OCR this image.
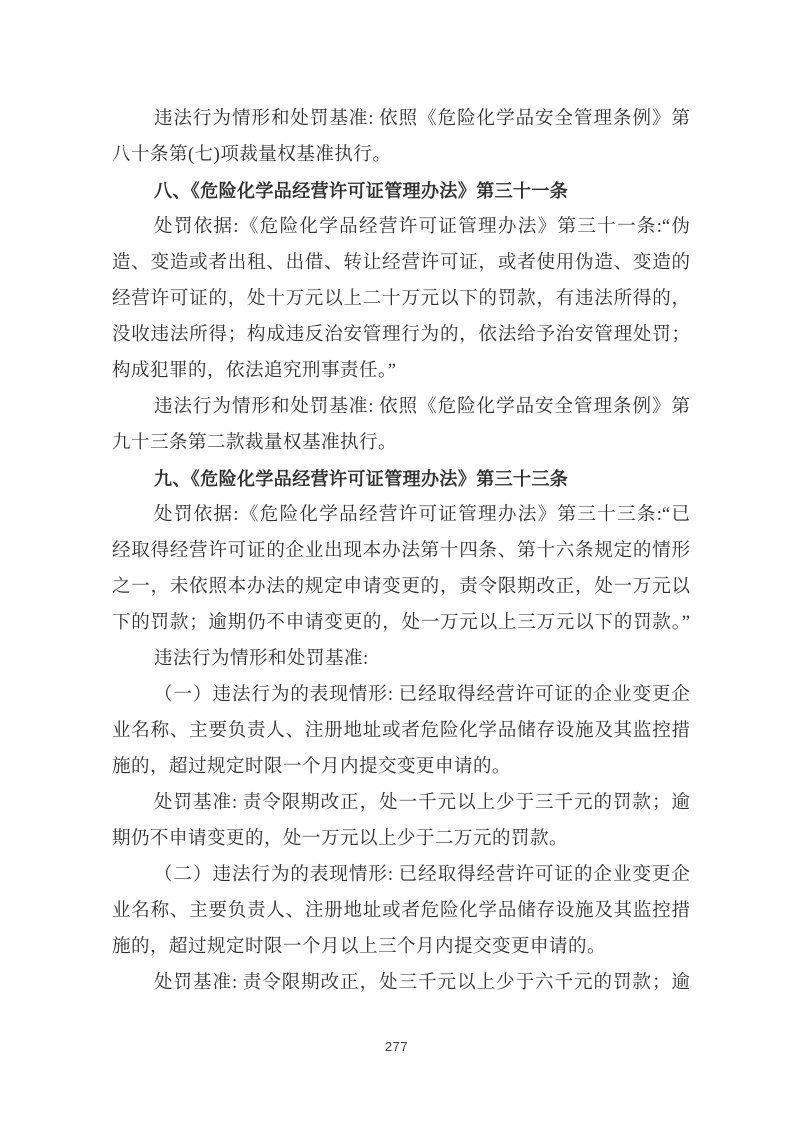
违法行为情形和处罚基准: 依照《危险化学品安全管理条例》第
八十条第(七)项裁量权基准执行。
八、《危险化学品经营许可证管理办法》第三十一条
处罚依据:《危险化学品经营许可证管理办法》第三十一条:“伪
造、变造或者出租、出借、转让经营许可证，或者使用伪造、变造的
经营许可证的，处十万元以上二十万元以下的罚款，有违法所得的，
没收违法所得；构成违反治安管理行为的，依法给予治安管理处罚；
构成犯罪的，依法追究刑事责任。”
违法行为情形和处罚基准: 依照《危险化学品安全管理条例》第
九十三条第二款裁量权基准执行。
九、《危险化学品经营许可证管理办法》第三十三条
处罚依据:《危险化学品经营许可证管理办法》第三十三条:“已
经取得经营许可证的企业出现本办法第十四条、第十六条规定的情形
之一，未依照本办法的规定申请变更的，责令限期改正，处一万元以
下的罚款；逾期仍不申请变更的，处一万元以上三万元以下的罚款。”
违法行为情形和处罚基准:
（一）违法行为的表现情形: 已经取得经营许可证的企业变更企
业名称、主要负责人、注册地址或者危险化学品储存设施及其监控措
施的，超过规定时限一个月内提交变更申请的。
处罚基准: 责令限期改正，处一千元以上少于三千元的罚款；逾
期仍不申请变更的，处一万元以上少于二万元的罚款。
（二）违法行为的表现情形: 已经取得经营许可证的企业变更企
业名称、主要负责人、注册地址或者危险化学品储存设施及其监控措
施的，超过规定时限一个月以上三个月内提交变更申请的。
处罚基准: 责令限期改正，处三千元以上少于六千元的罚款；逾
277
